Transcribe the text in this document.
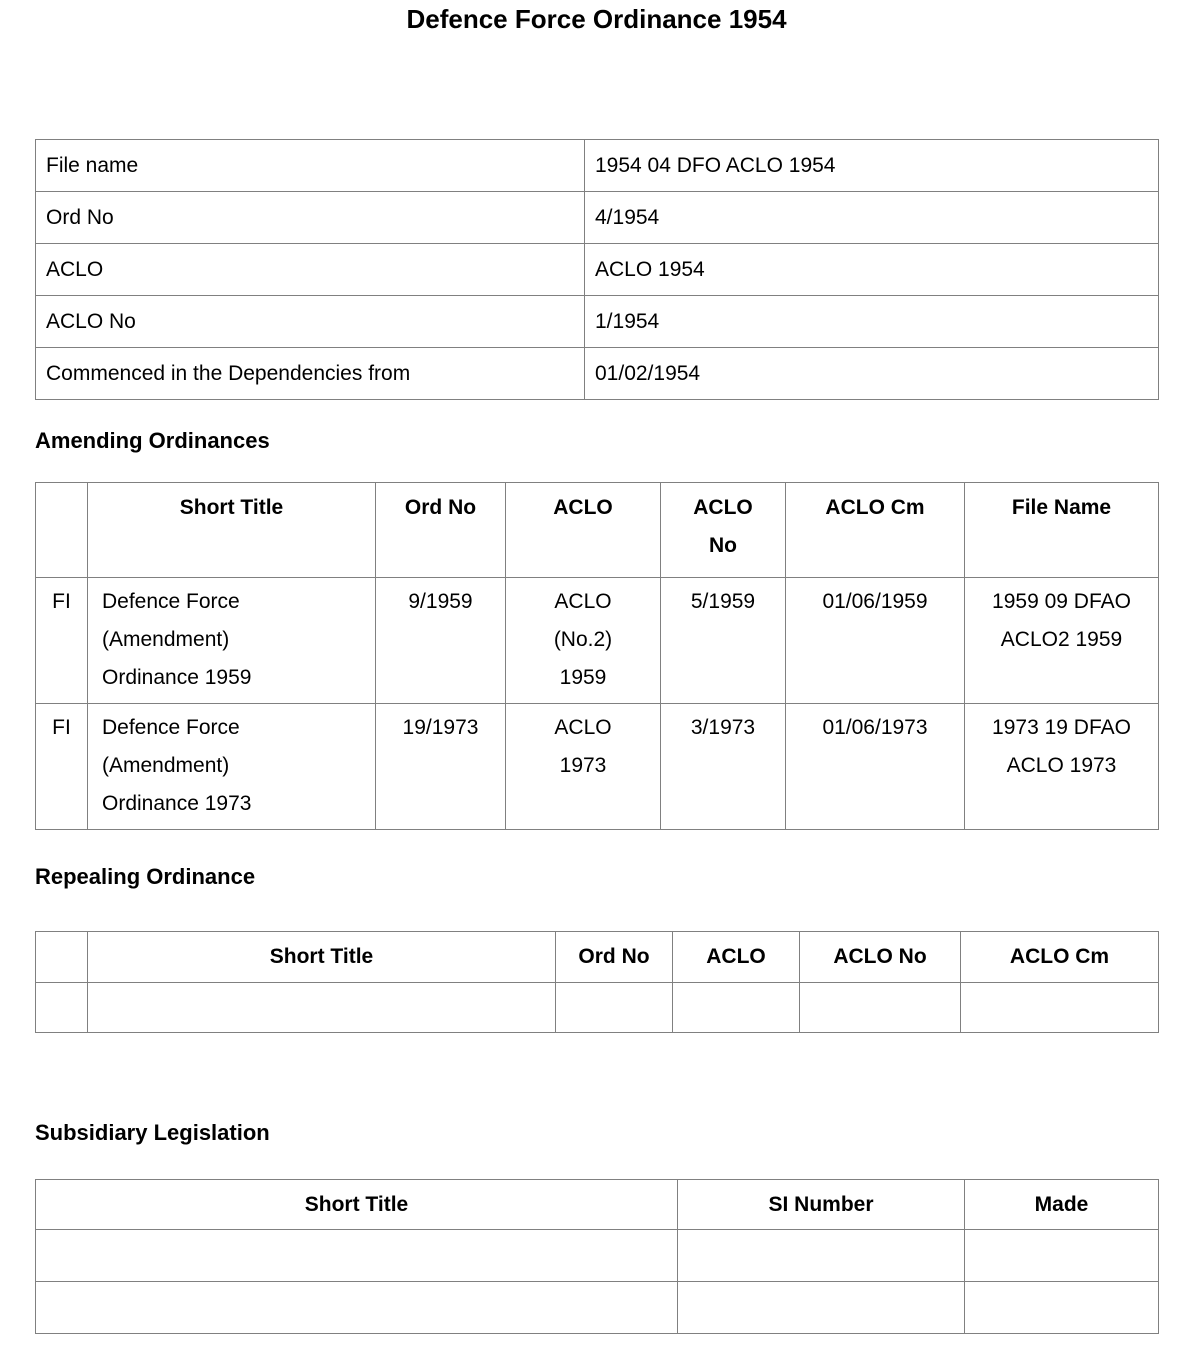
Defence Force Ordinance 1954
File name	1954 04 DFO ACLO 1954
Ord No	4/1954
ACLO	ACLO 1954
ACLO No	1/1954
Commenced in the Dependencies from	01/02/1954
Amending Ordinances
	Short Title	Ord No	ACLO	ACLO No	ACLO Cm	File Name
FI	Defence Force (Amendment) Ordinance 1959	9/1959	ACLO (No.2) 1959	5/1959	01/06/1959	1959 09 DFAO ACLO2 1959
FI	Defence Force (Amendment) Ordinance 1973	19/1973	ACLO 1973	3/1973	01/06/1973	1973 19 DFAO ACLO 1973
Repealing Ordinance
	Short Title	Ord No	ACLO	ACLO No	ACLO Cm

Subsidiary Legislation
Short Title	SI Number	Made
